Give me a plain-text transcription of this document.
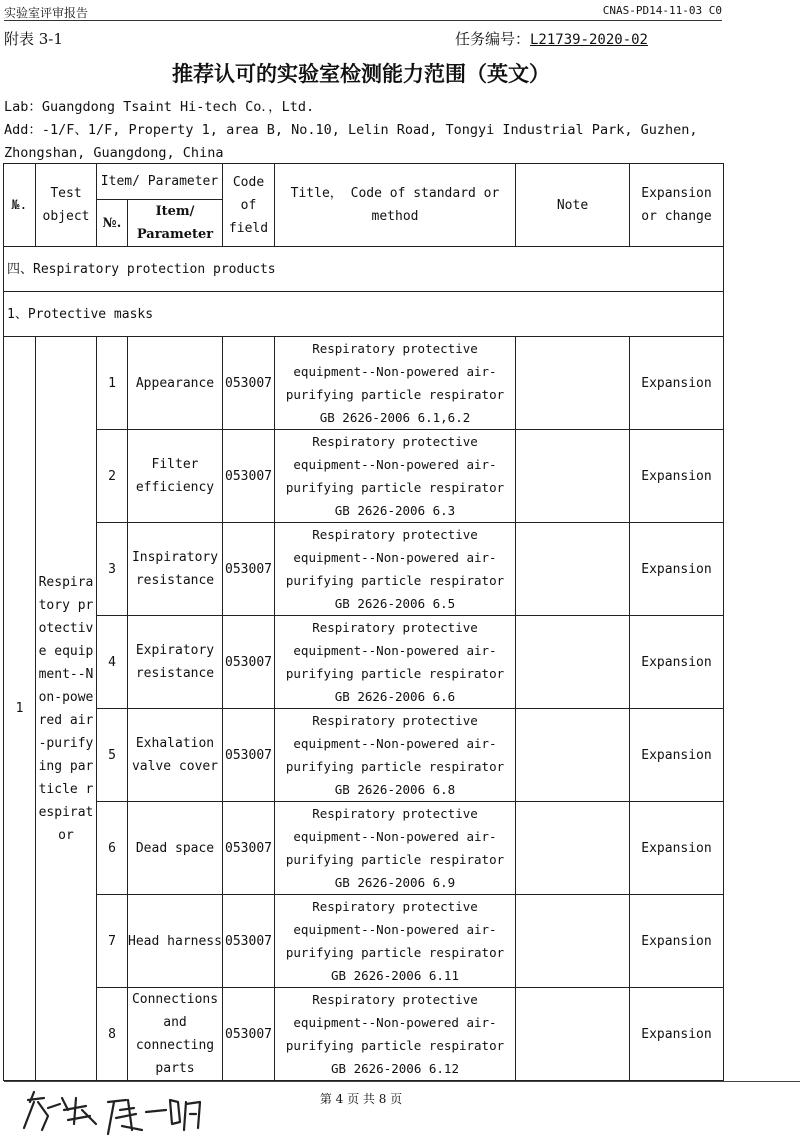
实验室评审报告	CNAS-PD14-11-03 C0
附表 3-1	任务编号：L21739-2020-02
推荐认可的实验室检测能力范围（英文）
Lab：Guangdong Tsaint Hi-tech Co．，Ltd.
Add：-1/F、1/F, Property 1, area B, No.10, Lelin Road, Tongyi Industrial Park, Guzhen, Zhongshan, Guangdong, China
№.	Test object	Item/ Parameter		Code of field	Title， Code of standard or method	Note	Expansion or change
		№.	Item/ Parameter				
四、Respiratory protection products							
1、Protective masks							
1	Respiratory protective equipment--Non-powered air-purifying particle respirator	1	Appearance	053007	Respiratory protective equipment--Non-powered air-purifying particle respirator GB 2626-2006 6.1,6.2		Expansion
		2	Filter efficiency	053007	Respiratory protective equipment--Non-powered air-purifying particle respirator GB 2626-2006 6.3		Expansion
		3	Inspiratory resistance	053007	Respiratory protective equipment--Non-powered air-purifying particle respirator GB 2626-2006 6.5		Expansion
		4	Expiratory resistance	053007	Respiratory protective equipment--Non-powered air-purifying particle respirator GB 2626-2006 6.6		Expansion
		5	Exhalation valve cover	053007	Respiratory protective equipment--Non-powered air-purifying particle respirator GB 2626-2006 6.8		Expansion
		6	Dead space	053007	Respiratory protective equipment--Non-powered air-purifying particle respirator GB 2626-2006 6.9		Expansion
		7	Head harness	053007	Respiratory protective equipment--Non-powered air-purifying particle respirator GB 2626-2006 6.11		Expansion
		8	Connections and connecting parts	053007	Respiratory protective equipment--Non-powered air-purifying particle respirator GB 2626-2006 6.12		Expansion
第 4 页 共 8 页
